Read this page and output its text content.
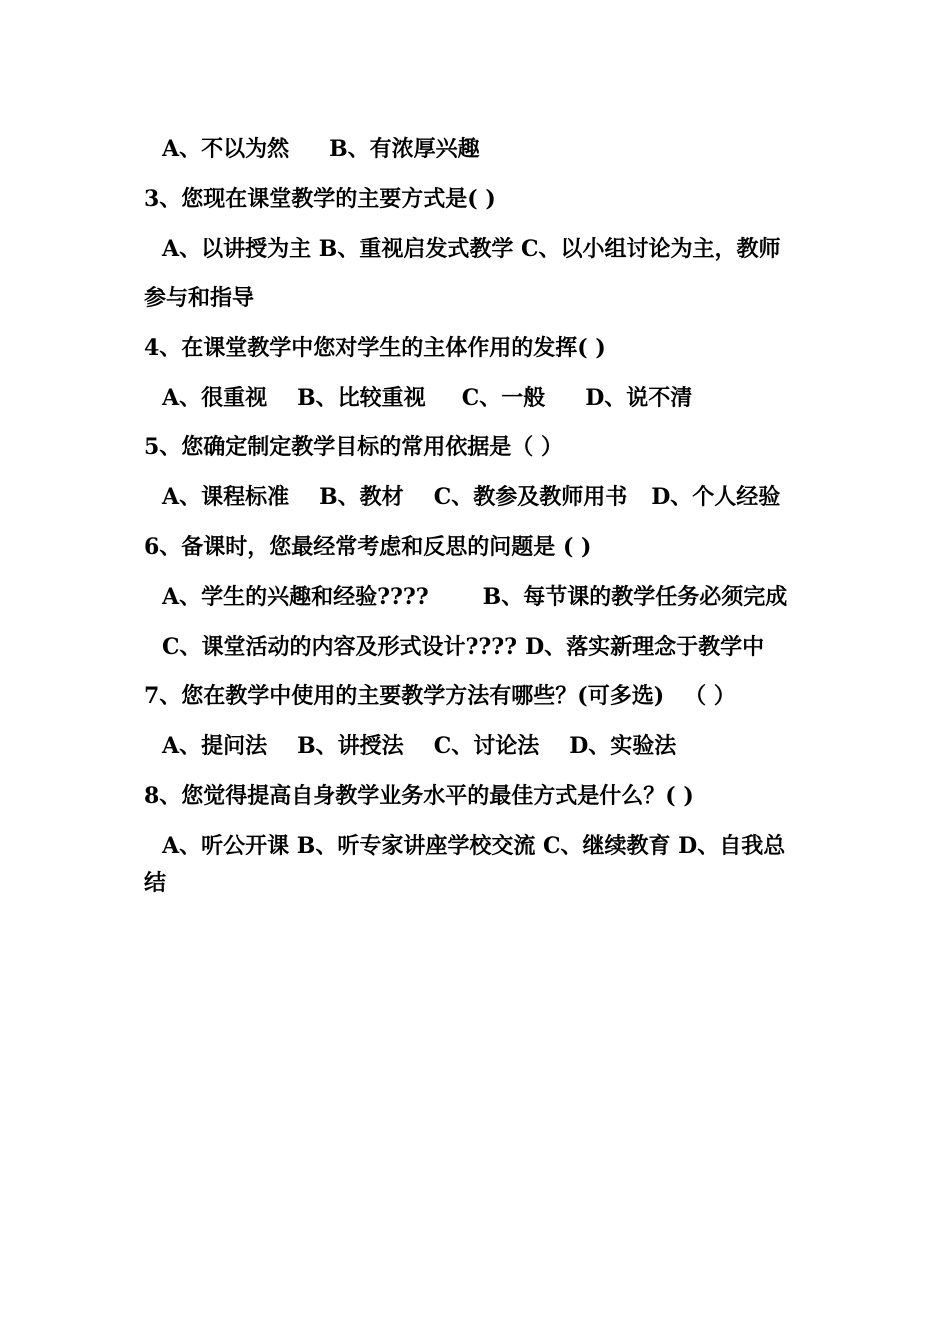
A、不以为然 B、有浓厚兴趣
3、您现在课堂教学的主要方式是( )
A、以讲授为主 B、重视启发式教学 C、以小组讨论为主，教师
参与和指导
4、在课堂教学中您对学生的主体作用的发挥( )
A、很重视 B、比较重视 C、一般 D、说不清
5、您确定制定教学目标的常用依据是（ ）
A、课程标准 B、教材 C、教参及教师用书 D、个人经验
6、备课时，您最经常考虑和反思的问题是 ( )
A、学生的兴趣和经验???? B、每节课的教学任务必须完成
C、课堂活动的内容及形式设计???? D、落实新理念于教学中
7、您在教学中使用的主要教学方法有哪些？(可多选) （ ）
A、提问法 B、讲授法 C、讨论法 D、实验法
8、您觉得提高自身教学业务水平的最佳方式是什么？( )
A、听公开课 B、听专家讲座学校交流 C、继续教育 D、自我总
结
